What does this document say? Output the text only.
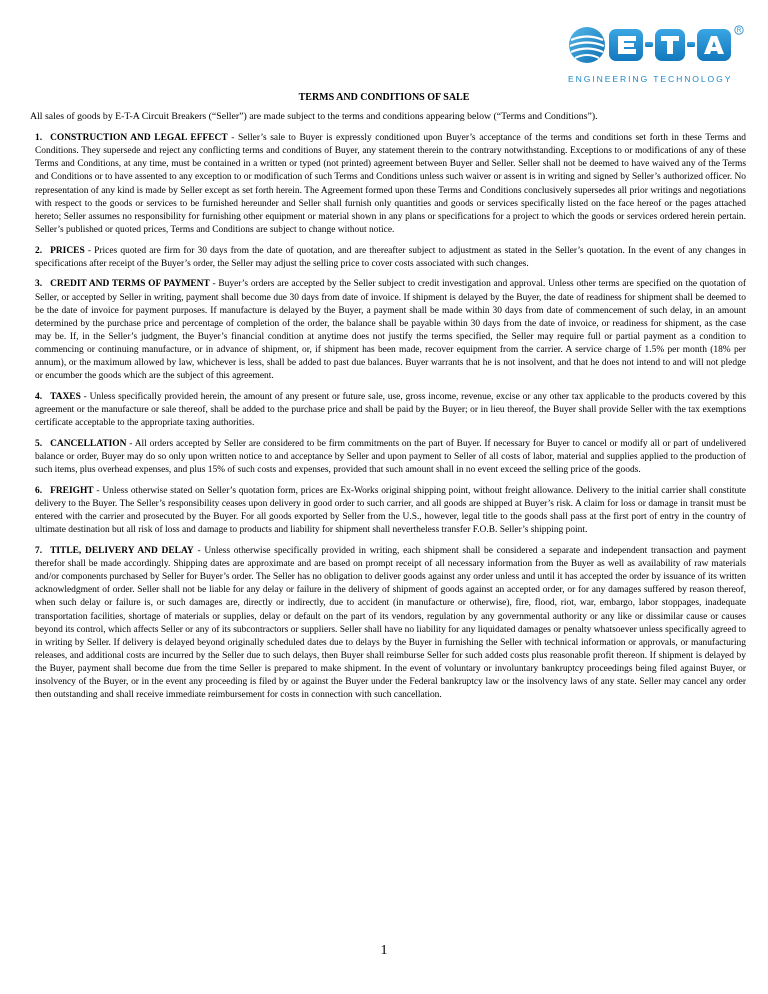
R
ENGINEERING TECHNOLOGY
TERMS AND CONDITIONS OF SALE
All sales of goods by E-T-A Circuit Breakers (“Seller”) are made subject to the terms and conditions appearing below (“Terms and Conditions”).

1. CONSTRUCTION AND LEGAL EFFECT - Seller’s sale to Buyer is expressly conditioned upon Buyer’s acceptance of the terms and conditions set forth in these Terms and Conditions. They supersede and reject any conflicting terms and conditions of Buyer, any statement therein to the contrary notwithstanding. Exceptions to or modifications of any of these Terms and Conditions, at any time, must be contained in a written or typed (not printed) agreement between Buyer and Seller. Seller shall not be deemed to have waived any of the Terms and Conditions or to have assented to any exception to or modification of such Terms and Conditions unless such waiver or assent is in writing and signed by Seller’s authorized officer. No representation of any kind is made by Seller except as set forth herein. The Agreement formed upon these Terms and Conditions conclusively supersedes all prior writings and negotiations with respect to the goods or services to be furnished hereunder and Seller shall furnish only quantities and goods or services specifically listed on the face hereof or the pages attached hereto; Seller assumes no responsibility for furnishing other equipment or material shown in any plans or specifications for a project to which the goods or services ordered herein pertain. Seller’s published or quoted prices, Terms and Conditions are subject to change without notice.

2. PRICES - Prices quoted are firm for 30 days from the date of quotation, and are thereafter subject to adjustment as stated in the Seller’s quotation. In the event of any changes in specifications after receipt of the Buyer’s order, the Seller may adjust the selling price to cover costs associated with such changes.

3. CREDIT AND TERMS OF PAYMENT - Buyer’s orders are accepted by the Seller subject to credit investigation and approval. Unless other terms are specified on the quotation of Seller, or accepted by Seller in writing, payment shall become due 30 days from date of invoice. If shipment is delayed by the Buyer, the date of readiness for shipment shall be deemed to be the date of invoice for payment purposes. If manufacture is delayed by the Buyer, a payment shall be made within 30 days from date of commencement of such delay, in an amount determined by the purchase price and percentage of completion of the order, the balance shall be payable within 30 days from the date of invoice, or readiness for shipment, as the case may be. If, in the Seller’s judgment, the Buyer’s financial condition at anytime does not justify the terms specified, the Seller may require full or partial payment as a condition to commencing or continuing manufacture, or in advance of shipment, or, if shipment has been made, recover equipment from the carrier. A service charge of 1.5% per month (18% per annum), or the maximum allowed by law, whichever is less, shall be added to past due balances. Buyer warrants that he is not insolvent, and that he does not intend to and will not pledge or encumber the goods which are the subject of this agreement.

4. TAXES - Unless specifically provided herein, the amount of any present or future sale, use, gross income, revenue, excise or any other tax applicable to the products covered by this agreement or the manufacture or sale thereof, shall be added to the purchase price and shall be paid by the Buyer; or in lieu thereof, the Buyer shall provide Seller with the tax exemptions certificate acceptable to the appropriate taxing authorities.

5. CANCELLATION - All orders accepted by Seller are considered to be firm commitments on the part of Buyer. If necessary for Buyer to cancel or modify all or part of undelivered balance or order, Buyer may do so only upon written notice to and acceptance by Seller and upon payment to Seller of all costs of labor, material and supplies applied to the production of such items, plus overhead expenses, and plus 15% of such costs and expenses, provided that such amount shall in no event exceed the selling price of the goods.

6. FREIGHT - Unless otherwise stated on Seller’s quotation form, prices are Ex-Works original shipping point, without freight allowance. Delivery to the initial carrier shall constitute delivery to the Buyer. The Seller’s responsibility ceases upon delivery in good order to such carrier, and all goods are shipped at Buyer’s risk. A claim for loss or damage in transit must be entered with the carrier and prosecuted by the Buyer. For all goods exported by Seller from the U.S., however, legal title to the goods shall pass at the first port of entry in the country of ultimate destination but all risk of loss and damage to products and liability for shipment shall nevertheless transfer F.O.B. Seller’s shipping point.

7. TITLE, DELIVERY AND DELAY - Unless otherwise specifically provided in writing, each shipment shall be considered a separate and independent transaction and payment therefor shall be made accordingly. Shipping dates are approximate and are based on prompt receipt of all necessary information from the Buyer as well as availability of raw materials and/or components purchased by Seller for Buyer’s order. The Seller has no obligation to deliver goods against any order unless and until it has accepted the order by issuance of its written acknowledgment of order. Seller shall not be liable for any delay or failure in the delivery of shipment of goods against an accepted order, or for any damages suffered by reason thereof, when such delay or failure is, or such damages are, directly or indirectly, due to accident (in manufacture or otherwise), fire, flood, riot, war, embargo, labor stoppages, inadequate transportation facilities, shortage of materials or supplies, delay or default on the part of its vendors, regulation by any governmental authority or any like or dissimilar cause or causes beyond its control, which affects Seller or any of its subcontractors or suppliers. Seller shall have no liability for any liquidated damages or penalty whatsoever unless specifically agreed to in writing by Seller. If delivery is delayed beyond originally scheduled dates due to delays by the Buyer in furnishing the Seller with technical information or approvals, or manufacturing releases, and additional costs are incurred by the Seller due to such delays, then Buyer shall reimburse Seller for such added costs plus reasonable profit thereon. If shipment is delayed by the Buyer, payment shall become due from the time Seller is prepared to make shipment. In the event of voluntary or involuntary bankruptcy proceedings being filed against Buyer, or insolvency of the Buyer, or in the event any proceeding is filed by or against the Buyer under the Federal bankruptcy law or the insolvency laws of any state. Seller may cancel any order then outstanding and shall receive immediate reimbursement for costs in connection with such cancellation.

1
